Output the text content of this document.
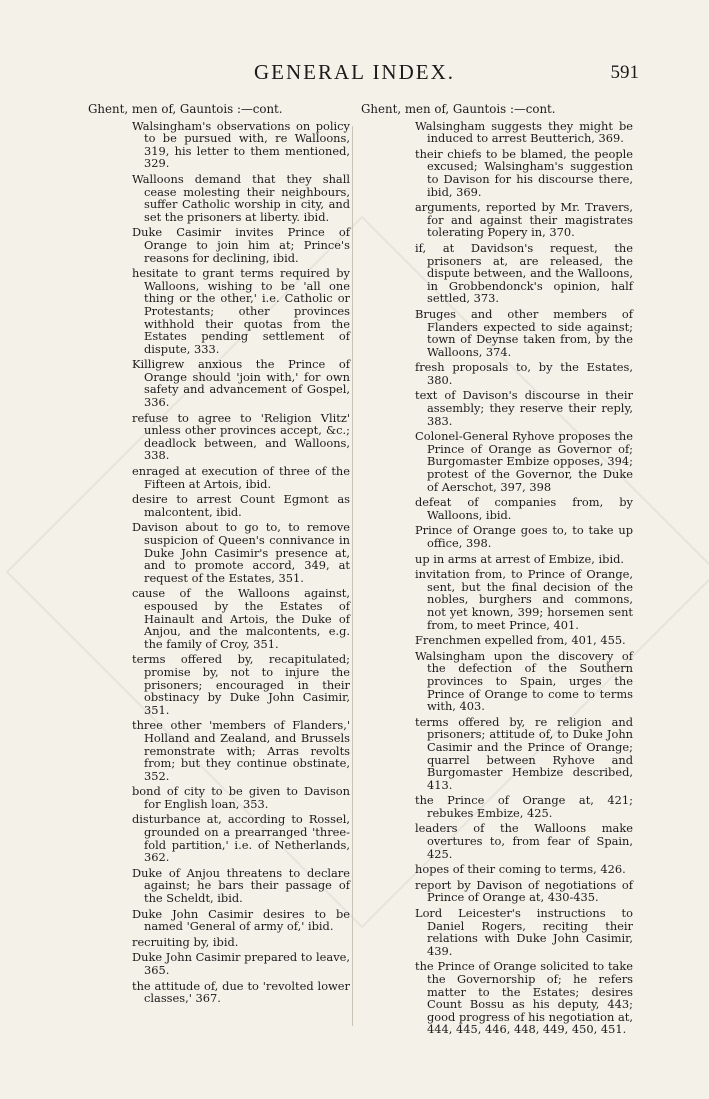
GENERAL INDEX.	591
Ghent, men of, Gauntois :—cont.
Walsingham's observations on policy to be pursued with, re Walloons, 319, his letter to them mentioned, 329.
Walloons demand that they shall cease molesting their neighbours, suffer Catholic worship in city, and set the prisoners at liberty. ibid.
Duke Casimir invites Prince of Orange to join him at; Prince's reasons for declining, ibid.
hesitate to grant terms required by Walloons, wishing to be 'all one thing or the other,' i.e. Catholic or Protestants; other provinces withhold their quotas from the Estates pending settlement of dispute, 333.
Killigrew anxious the Prince of Orange should 'join with,' for own safety and advancement of Gospel, 336.
refuse to agree to 'Religion Vlitz' unless other provinces accept, &c.; deadlock between, and Walloons, 338.
enraged at execution of three of the Fifteen at Artois, ibid.
desire to arrest Count Egmont as malcontent, ibid.
Davison about to go to, to remove suspicion of Queen's connivance in Duke John Casimir's presence at, and to promote accord, 349, at request of the Estates, 351.
cause of the Walloons against, espoused by the Estates of Hainault and Artois, the Duke of Anjou, and the malcontents, e.g. the family of Croy, 351.
terms offered by, recapitulated; promise by, not to injure the prisoners; encouraged in their obstinacy by Duke John Casimir, 351.
three other 'members of Flanders,' Holland and Zealand, and Brussels remonstrate with; Arras revolts from; but they continue obstinate, 352.
bond of city to be given to Davison for English loan, 353.
disturbance at, according to Rossel, grounded on a prearranged 'three-fold partition,' i.e. of Netherlands, 362.
Duke of Anjou threatens to declare against; he bars their passage of the Scheldt, ibid.
Duke John Casimir desires to be named 'General of army of,' ibid.
recruiting by, ibid.
Duke John Casimir prepared to leave, 365.
the attitude of, due to 'revolted lower classes,' 367.
Ghent, men of, Gauntois :—cont.
Walsingham suggests they might be induced to arrest Beutterich, 369.
their chiefs to be blamed, the people excused; Walsingham's suggestion to Davison for his discourse there, ibid, 369.
arguments, reported by Mr. Travers, for and against their magistrates tolerating Popery in, 370.
if, at Davidson's request, the prisoners at, are released, the dispute between, and the Walloons, in Grobbendonck's opinion, half settled, 373.
Bruges and other members of Flanders expected to side against; town of Deynse taken from, by the Walloons, 374.
fresh proposals to, by the Estates, 380.
text of Davison's discourse in their assembly; they reserve their reply, 383.
Colonel-General Ryhove proposes the Prince of Orange as Governor of; Burgomaster Embize opposes, 394; protest of the Governor, the Duke of Aerschot, 397, 398
defeat of companies from, by Walloons, ibid.
Prince of Orange goes to, to take up office, 398.
up in arms at arrest of Embize, ibid.
invitation from, to Prince of Orange, sent, but the final decision of the nobles, burghers and commons, not yet known, 399; horsemen sent from, to meet Prince, 401.
Frenchmen expelled from, 401, 455.
Walsingham upon the discovery of the defection of the Southern provinces to Spain, urges the Prince of Orange to come to terms with, 403.
terms offered by, re religion and prisoners; attitude of, to Duke John Casimir and the Prince of Orange; quarrel between Ryhove and Burgomaster Hembize described, 413.
the Prince of Orange at, 421; rebukes Embize, 425.
leaders of the Walloons make overtures to, from fear of Spain, 425.
hopes of their coming to terms, 426.
report by Davison of negotiations of Prince of Orange at, 430-435.
Lord Leicester's instructions to Daniel Rogers, reciting their relations with Duke John Casimir, 439.
the Prince of Orange solicited to take the Governorship of; he refers matter to the Estates; desires Count Bossu as his deputy, 443; good progress of his negotiation at, 444, 445, 446, 448, 449, 450, 451.
